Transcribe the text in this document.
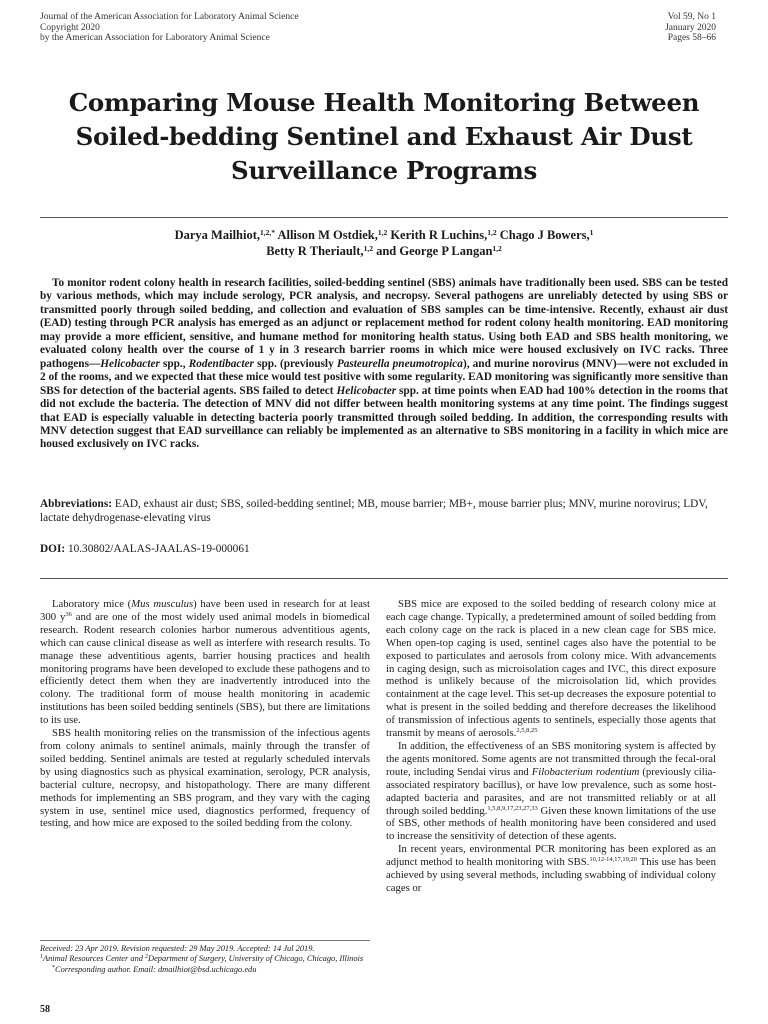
Journal of the American Association for Laboratory Animal Science
Copyright 2020
by the American Association for Laboratory Animal Science
Vol 59, No 1
January 2020
Pages 58–66
Comparing Mouse Health Monitoring Between Soiled-bedding Sentinel and Exhaust Air Dust Surveillance Programs
Darya Mailhiot,$^{1,2,*}$ Allison M Ostdiek,$^{1,2}$ Kerith R Luchins,$^{1,2}$ Chago J Bowers,$^1$
Betty R Theriault,$^{1,2}$ and George P Langan$^{1,2}$

To monitor rodent colony health in research facilities, soiled-bedding sentinel (SBS) animals have traditionally been used. SBS can be tested by various methods, which may include serology, PCR analysis, and necropsy. Several pathogens are unreliably detected by using SBS or transmitted poorly through soiled bedding, and collection and evaluation of SBS samples can be time-intensive. Recently, exhaust air dust (EAD) testing through PCR analysis has emerged as an adjunct or replacement method for rodent colony health monitoring. EAD monitoring may provide a more efficient, sensitive, and humane method for monitoring health status. Using both EAD and SBS health monitoring, we evaluated colony health over the course of 1 y in 3 research barrier rooms in which mice were housed exclusively on IVC racks. Three pathogens—Helicobacter spp., Rodentibacter spp. (previously Pasteurella pneumotropica), and murine norovirus (MNV)—were not excluded in 2 of the rooms, and we expected that these mice would test positive with some regularity. EAD monitoring was significantly more sensitive than SBS for detection of the bacterial agents. SBS failed to detect Helicobacter spp. at time points when EAD had 100% detection in the rooms that did not exclude the bacteria. The detection of MNV did not differ between health monitoring systems at any time point. The findings suggest that EAD is especially valuable in detecting bacteria poorly transmitted through soiled bedding. In addition, the corresponding results with MNV detection suggest that EAD surveillance can reliably be implemented as an alternative to SBS monitoring in a facility in which mice are housed exclusively on IVC racks.

Abbreviations: EAD, exhaust air dust; SBS, soiled-bedding sentinel; MB, mouse barrier; MB+, mouse barrier plus; MNV, murine norovirus; LDV, lactate dehydrogenase-elevating virus

DOI: 10.30802/AALAS-JAALAS-19-000061

Laboratory mice (Mus musculus) have been used in research for at least 300 $y^{36}$ and are one of the most widely used animal models in biomedical research. Rodent research colonies harbor numerous adventitious agents, which can cause clinical disease as well as interfere with research results. To manage these adventitious agents, barrier housing practices and health monitoring programs have been developed to exclude these pathogens and to efficiently detect them when they are inadvertently introduced into the colony. The traditional form of mouse health monitoring in academic institutions has been soiled bedding sentinels (SBS), but there are limitations to its use.

SBS health monitoring relies on the transmission of the infectious agents from colony animals to sentinel animals, mainly through the transfer of soiled bedding. Sentinel animals are tested at regularly scheduled intervals by using diagnostics such as physical examination, serology, PCR analysis, bacterial culture, necropsy, and histopathology. There are many different methods for implementing an SBS program, and they vary with the caging system in use, sentinel mice used, diagnostics performed, frequency of testing, and how mice are exposed to the soiled bedding from the colony.

SBS mice are exposed to the soiled bedding of research colony mice at each cage change. Typically, a predetermined amount of soiled bedding from each colony cage on the rack is placed in a new clean cage for SBS mice. When open-top caging is used, sentinel cages also have the potential to be exposed to particulates and aerosols from colony mice. With advancements in caging design, such as microisolation cages and IVC, this direct exposure method is unlikely because of the microisolation lid, which provides containment at the cage level. This set-up decreases the exposure potential to what is present in the soiled bedding and therefore decreases the likelihood of transmission of infectious agents to sentinels, especially those agents that transmit by means of aerosols.$^{2,5,8,25}$

In addition, the effectiveness of an SBS monitoring system is affected by the agents monitored. Some agents are not transmitted through the fecal-oral route, including Sendai virus and Filobacterium rodentium (previously cilia-associated respiratory bacillus), or have low prevalence, such as some host-adapted bacteria and parasites, and are not transmitted reliably or at all through soiled bedding.$^{1,5,8,9,17,23,27,33}$ Given these known limitations of the use of SBS, other methods of health monitoring have been considered and used to increase the sensitivity of detection of these agents.

In recent years, environmental PCR monitoring has been explored as an adjunct method to health monitoring with SBS.$^{10,12-14,17,19,20}$ This use has been achieved by using several methods, including swabbing of individual colony cages or

Received: 23 Apr 2019. Revision requested: 29 May 2019. Accepted: 14 Jul 2019.

$^1$Animal Resources Center and $^2$Department of Surgery, University of Chicago, Chicago, Illinois

*Corresponding author. Email: dmailhiot@bsd.uchicago.edu

58
